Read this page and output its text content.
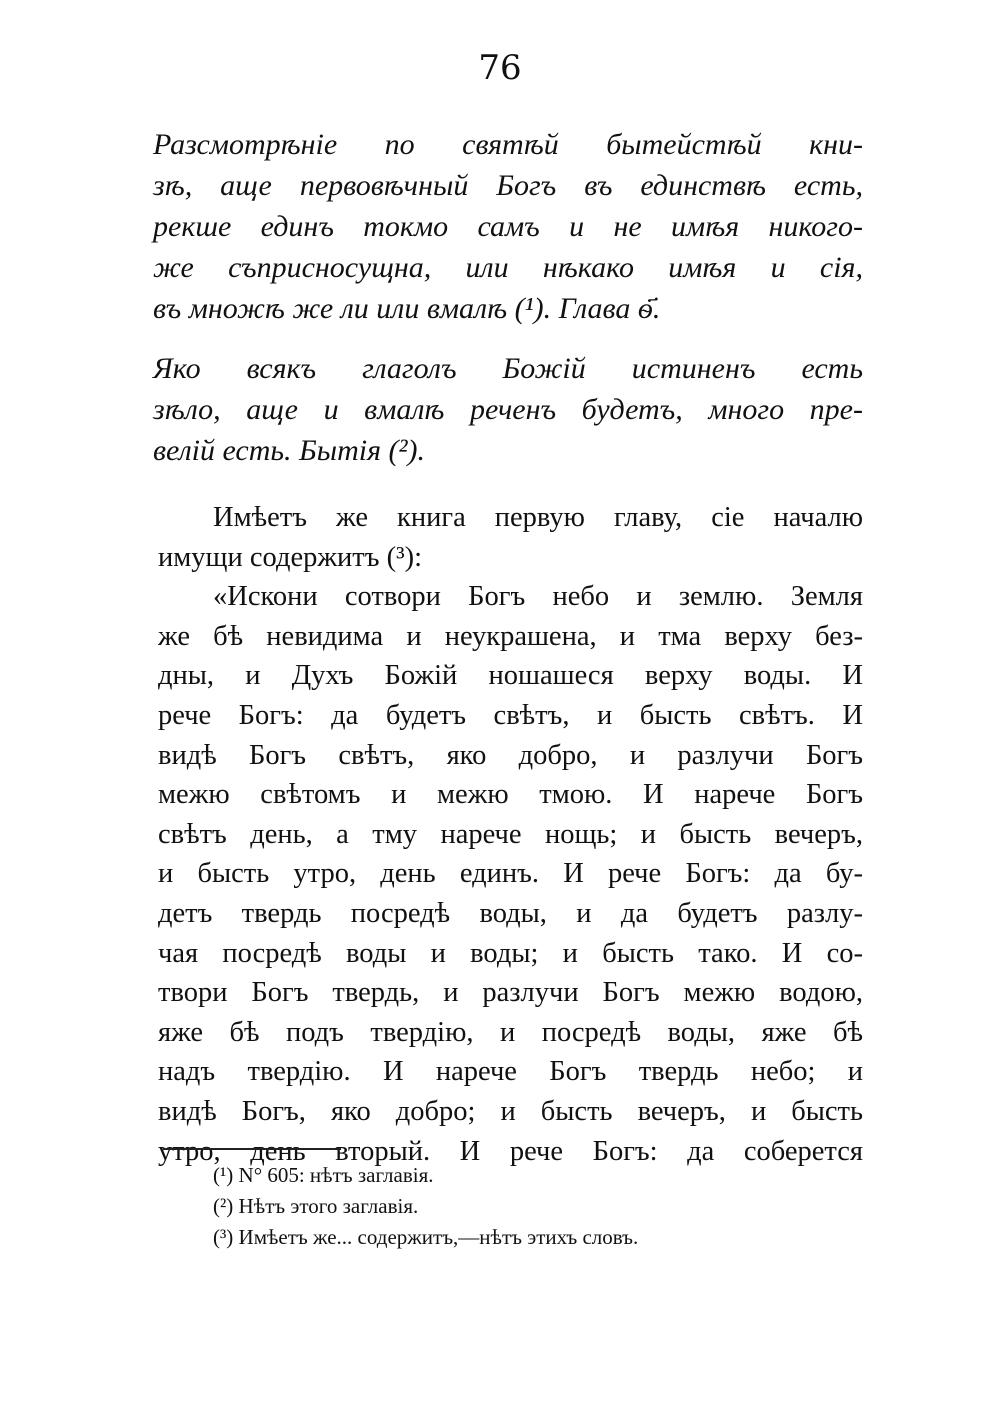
76
Разсмотрѣніе по святѣй бытейстѣй кни-
зѣ, аще первовѣчный Богъ въ единствѣ есть,
рекше единъ токмо самъ и не имѣя никого-
же съприсносущна, или нѣкако имѣя и сія,
въ множѣ же ли или вмалѣ (¹). Глава ѳ҃.
Яко всякъ глаголъ Божій истиненъ есть
зѣло, аще и вмалѣ реченъ будетъ, много пре-
велій есть. Бытія (²).
Имѣетъ же книга первую главу, сіе началю
имущи содержитъ (³):
«Искони сотвори Богъ небо и землю. Земля
же бѣ невидима и неукрашена, и тма верху без-
дны, и Духъ Божій ношашеся верху воды. И
рече Богъ: да будетъ свѣтъ, и бысть свѣтъ. И
видѣ Богъ свѣтъ, яко добро, и разлучи Богъ
межю свѣтомъ и межю тмою. И нарече Богъ
свѣтъ день, а тму нарече нощь; и бысть вечеръ,
и бысть утро, день единъ. И рече Богъ: да бу-
детъ твердь посредѣ воды, и да будетъ разлу-
чая посредѣ воды и воды; и бысть тако. И со-
твори Богъ твердь, и разлучи Богъ межю водою,
яже бѣ подъ твердію, и посредѣ воды, яже бѣ
надъ твердію. И нарече Богъ твердь небо; и
видѣ Богъ, яко добро; и бысть вечеръ, и бысть
утро, день вторый. И рече Богъ: да соберется
(¹) N° 605: нѣтъ заглавія.
(²) Нѣтъ этого заглавія.
(³) Имѣетъ же... содержитъ,—нѣтъ этихъ словъ.
